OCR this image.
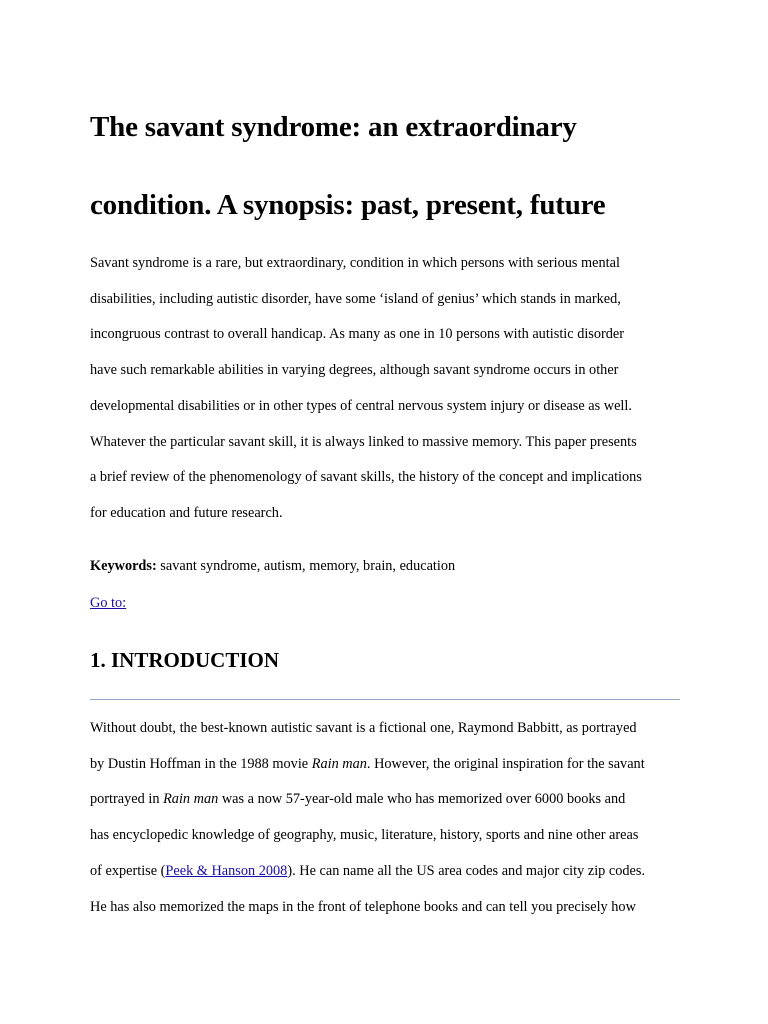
The savant syndrome: an extraordinary
condition. A synopsis: past, present, future

Savant syndrome is a rare, but extraordinary, condition in which persons with serious mental
disabilities, including autistic disorder, have some ‘island of genius’ which stands in marked,
incongruous contrast to overall handicap. As many as one in 10 persons with autistic disorder
have such remarkable abilities in varying degrees, although savant syndrome occurs in other
developmental disabilities or in other types of central nervous system injury or disease as well.
Whatever the particular savant skill, it is always linked to massive memory. This paper presents
a brief review of the phenomenology of savant skills, the history of the concept and implications
for education and future research.

Keywords: savant syndrome, autism, memory, brain, education

Go to:
1. INTRODUCTION

Without doubt, the best-known autistic savant is a fictional one, Raymond Babbitt, as portrayed
by Dustin Hoffman in the 1988 movie Rain man. However, the original inspiration for the savant
portrayed in Rain man was a now 57-year-old male who has memorized over 6000 books and
has encyclopedic knowledge of geography, music, literature, history, sports and nine other areas
of expertise (Peek & Hanson 2008). He can name all the US area codes and major city zip codes.
He has also memorized the maps in the front of telephone books and can tell you precisely how
